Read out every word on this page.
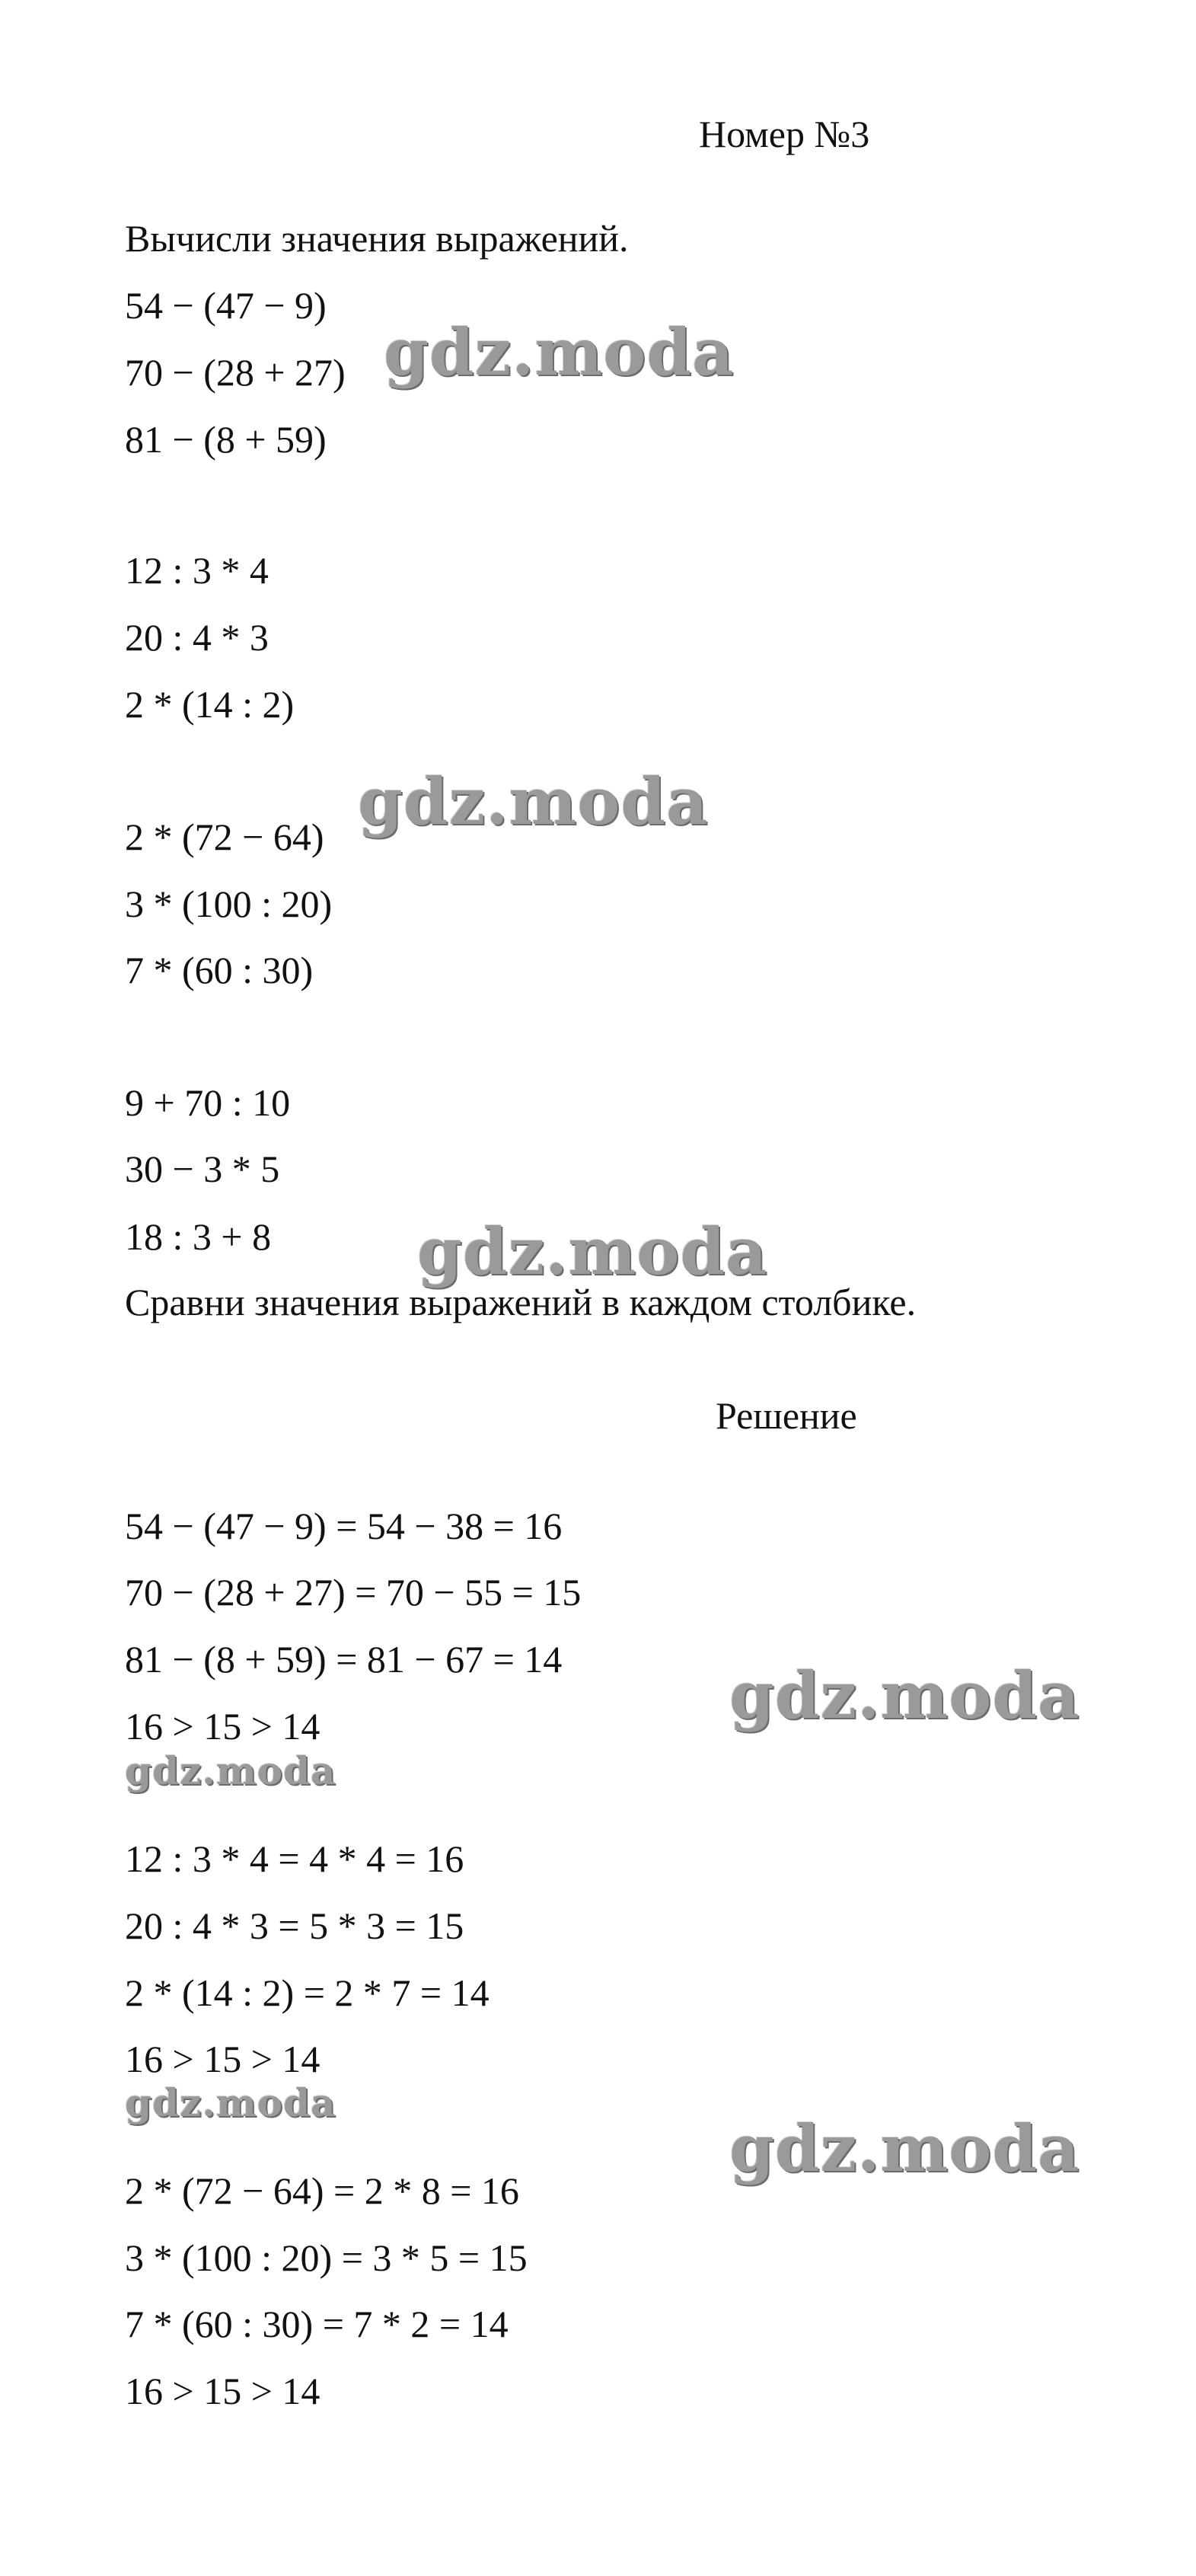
Номер №3

Вычисли значения выражений.

54 − (47 − 9)

70 − (28 + 27)

81 − (8 + 59)

12 : 3 * 4

20 : 4 * 3

2 * (14 : 2)

2 * (72 − 64)

3 * (100 : 20)

7 * (60 : 30)

9 + 70 : 10

30 − 3 * 5

18 : 3 + 8

Сравни значения выражений в каждом столбике.

Решение

54 − (47 − 9) = 54 − 38 = 16

70 − (28 + 27) = 70 − 55 = 15

81 − (8 + 59) = 81 − 67 = 14

16 > 15 > 14

12 : 3 * 4 = 4 * 4 = 16

20 : 4 * 3 = 5 * 3 = 15

2 * (14 : 2) = 2 * 7 = 14

16 > 15 > 14

2 * (72 − 64) = 2 * 8 = 16

3 * (100 : 20) = 3 * 5 = 15

7 * (60 : 30) = 7 * 2 = 14

16 > 15 > 14

gdz.moda
gdz.moda
gdz.moda
gdz.moda
gdz.moda
gdz.moda
gdz.moda
